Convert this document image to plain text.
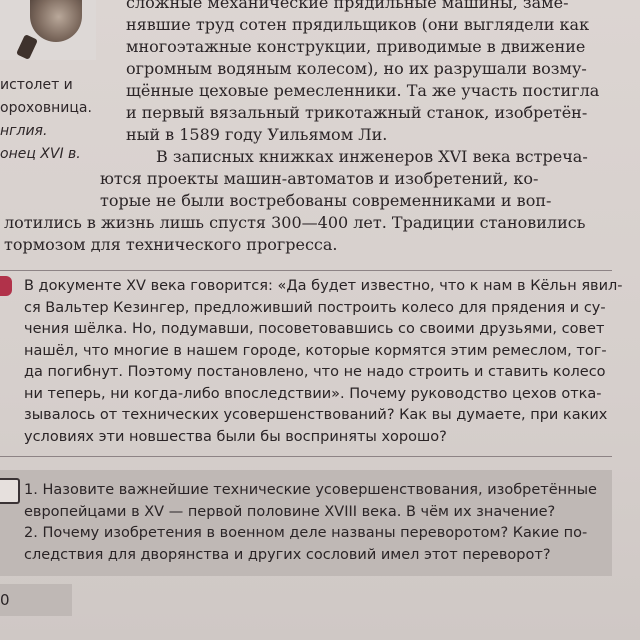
истолет и
ороховница.
нглия.
онец XVI в.
сложные механические прядильные машины, заме-
нявшие труд сотен прядильщиков (они выглядели как
многоэтажные конструкции, приводимые в движение
огромным водяным колесом), но их разрушали возму-
щённые цеховые ремесленники. Та же участь постигла
и первый вязальный трикотажный станок, изобретён-
ный в 1589 году Уильямом Ли.
В записных книжках инженеров XVI века встреча-
ются проекты машин-автоматов и изобретений, ко-
торые не были востребованы современниками и воп-
лотились в жизнь лишь спустя 300—400 лет. Традиции становились
тормозом для технического прогресса.
В документе XV века говорится: «Да будет известно, что к нам в Кёльн явил-
ся Вальтер Кезингер, предложивший построить колесо для прядения и су-
чения шёлка. Но, подумавши, посоветовавшись со своими друзьями, совет
нашёл, что многие в нашем городе, которые кормятся этим ремеслом, тог-
да погибнут. Поэтому постановлено, что не надо строить и ставить колесо
ни теперь, ни когда-либо впоследствии». Почему руководство цехов отка-
зывалось от технических усовершенствований? Как вы думаете, при каких
условиях эти новшества были бы восприняты хорошо?
1. Назовите важнейшие технические усовершенствования, изобретённые
европейцами в XV — первой половине XVIII века. В чём их значение?
2. Почему изобретения в военном деле названы переворотом? Какие по-
следствия для дворянства и других сословий имел этот переворот?
0
